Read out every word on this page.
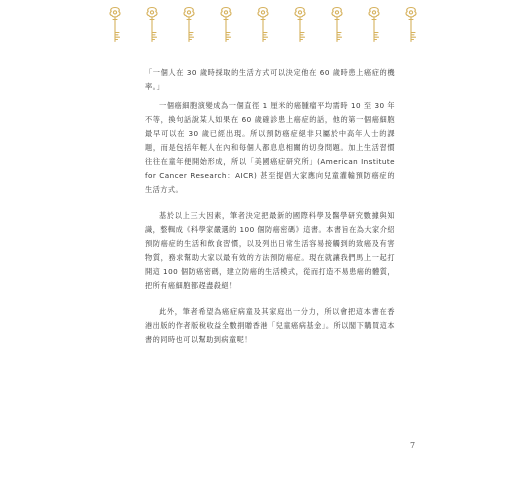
「一個人在 30 歲時採取的生活方式可以決定他在 60 歲時患上癌症的機率。」

一個癌細胞演變成為一個直徑 1 厘米的癌腫瘤平均需時 10 至 30 年不等，換句話說某人如果在 60 歲確診患上癌症的話，他的第一個癌細胞最早可以在 30 歲已經出現。所以預防癌症絕非只屬於中高年人士的課題，而是包括年輕人在內和每個人都息息相關的切身問題。加上生活習慣往往在童年便開始形成，所以「美國癌症研究所」(American Institute for Cancer Research：AICR) 甚至提倡大家應向兒童灌輸預防癌症的生活方式。

基於以上三大因素，筆者決定把最新的國際科學及醫學研究數據與知識，整輯成《科學家嚴選的 100 個防癌密碼》這書。本書旨在為大家介紹預防癌症的生活和飲食習慣，以及列出日常生活容易接觸到的致癌及有害物質，務求幫助大家以最有效的方法預防癌症。現在就讓我們馬上一起打開這 100 個防癌密碼，建立防癌的生活模式，從而打造不易患癌的體質，把所有癌細胞都趕盡殺絕！

此外，筆者希望為癌症病童及其家庭出一分力，所以會把這本書在香港出版的作者版稅收益全數捐贈香港「兒童癌病基金」。所以閣下購買這本書的同時也可以幫助到病童呢！

7
